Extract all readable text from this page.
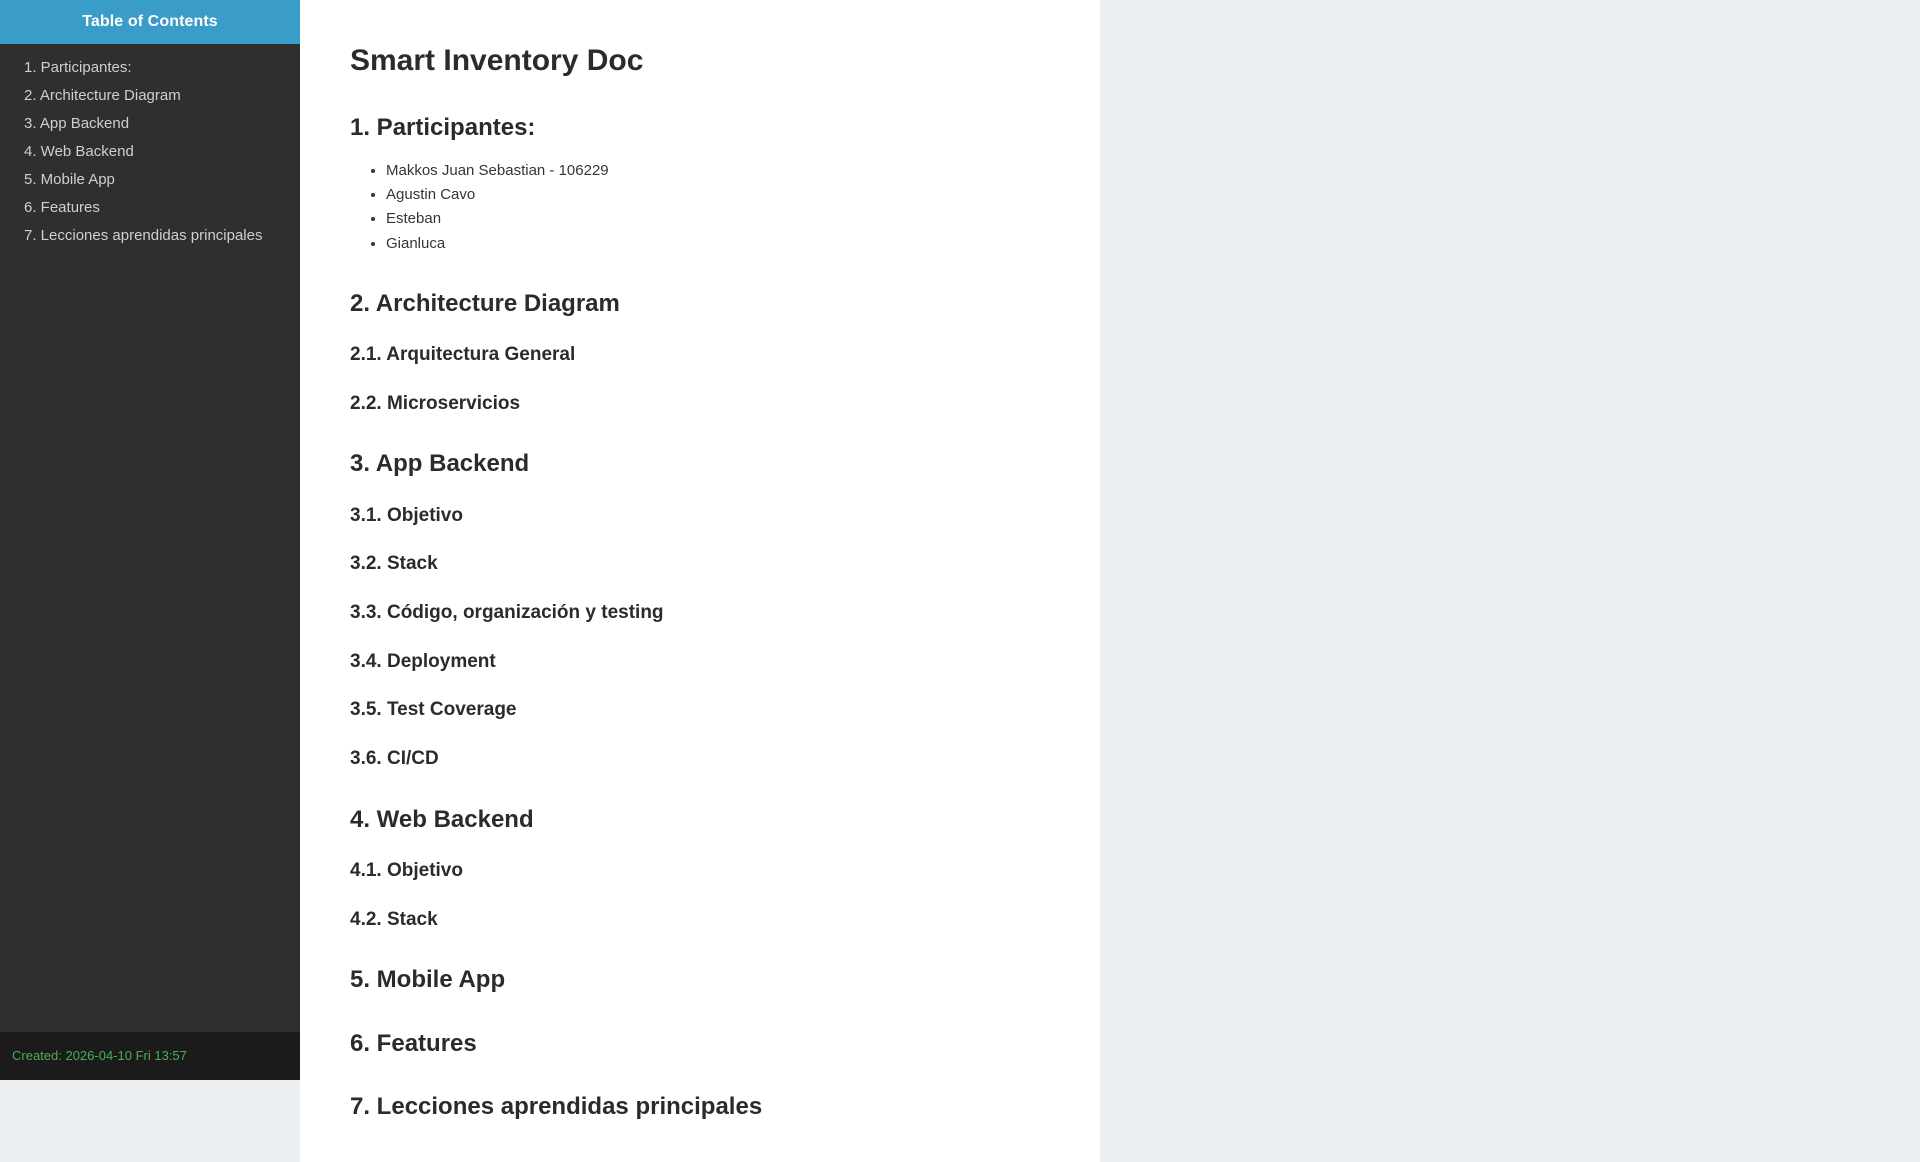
Table of Contents
1. Participantes:
2. Architecture Diagram
3. App Backend
4. Web Backend
5. Mobile App
6. Features
7. Lecciones aprendidas principales
Created: 2026-04-10 Fri 13:57
Smart Inventory Doc
1. Participantes:
• Makkos Juan Sebastian - 106229
• Agustin Cavo
• Esteban
• Gianluca
2. Architecture Diagram
2.1. Arquitectura General
2.2. Microservicios
3. App Backend
3.1. Objetivo
3.2. Stack
3.3. Código, organización y testing
3.4. Deployment
3.5. Test Coverage
3.6. CI/CD
4. Web Backend
4.1. Objetivo
4.2. Stack
5. Mobile App
6. Features
7. Lecciones aprendidas principales
